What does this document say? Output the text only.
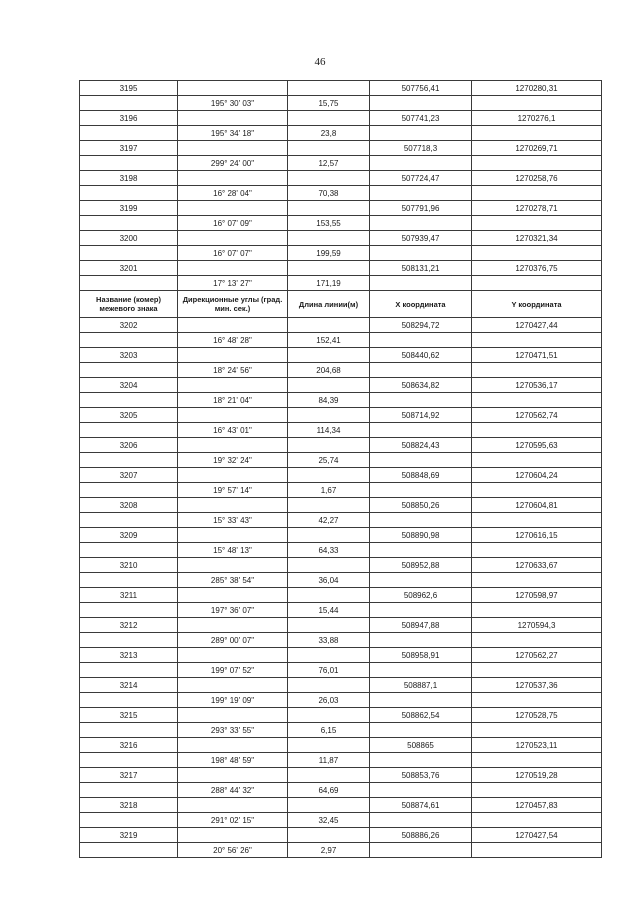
46
3195			507756,41	1270280,31
	195° 30' 03"	15,75		
3196			507741,23	1270276,1
	195° 34' 18"	23,8		
3197			507718,3	1270269,71
	299° 24' 00"	12,57		
3198			507724,47	1270258,76
	16° 28' 04"	70,38		
3199			507791,96	1270278,71
	16° 07' 09"	153,55		
3200			507939,47	1270321,34
	16° 07' 07"	199,59		
3201			508131,21	1270376,75
	17° 13' 27"	171,19		
Название (комер) межевого знака	Дирекционные углы (град. мин. сек.)	Длина линии(м)	X координата	Y координата
3202			508294,72	1270427,44
	16° 48' 28"	152,41		
3203			508440,62	1270471,51
	18° 24' 56"	204,68		
3204			508634,82	1270536,17
	18° 21' 04"	84,39		
3205			508714,92	1270562,74
	16° 43' 01"	114,34		
3206			508824,43	1270595,63
	19° 32' 24"	25,74		
3207			508848,69	1270604,24
	19° 57' 14"	1,67		
3208			508850,26	1270604,81
	15° 33' 43"	42,27		
3209			508890,98	1270616,15
	15° 48' 13"	64,33		
3210			508952,88	1270633,67
	285° 38' 54"	36,04		
3211			508962,6	1270598,97
	197° 36' 07"	15,44		
3212			508947,88	1270594,3
	289° 00' 07"	33,88		
3213			508958,91	1270562,27
	199° 07' 52"	76,01		
3214			508887,1	1270537,36
	199° 19' 09"	26,03		
3215			508862,54	1270528,75
	293° 33' 55"	6,15		
3216			508865	1270523,11
	198° 48' 59"	11,87		
3217			508853,76	1270519,28
	288° 44' 32"	64,69		
3218			508874,61	1270457,83
	291° 02' 15"	32,45		
3219			508886,26	1270427,54
	20° 56' 26"	2,97		
